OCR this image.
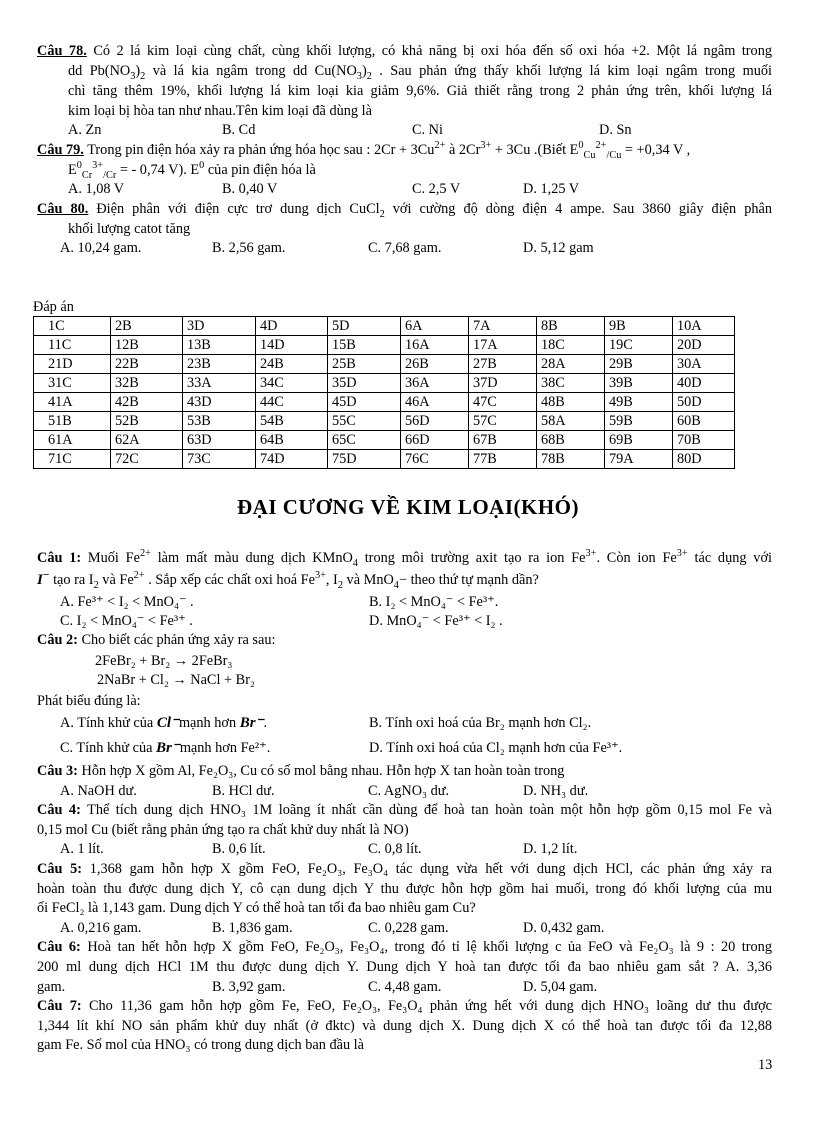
Câu 78. Có 2 lá kim loại cùng chất, cùng khối lượng, có khả năng bị oxi hóa đến số oxi hóa +2. Một lá ngâm trong
dd $Pb(NO_3)_2$ và lá kia ngâm trong dd $Cu(NO_3)_2$ . Sau phản ứng thấy khối lượng lá kim loại ngâm trong muối
chì tăng thêm 19%, khối lượng lá kim loại kia giảm 9,6%. Giả thiết rằng trong 2 phản ứng trên, khối lượng lá
kim loại bị hòa tan như nhau.Tên kim loại đã dùng là
A. Zn	B. Cd	C. Ni	D. Sn
Câu 79. Trong pin điện hóa xảy ra phản ứng hóa học sau : $2Cr + 3Cu^{2+}$ à $2Cr^{3+} + 3Cu$ .(Biết $E^0_{Cu}^{2+}_{/Cu} = +0,34$ V ,
$E^0_{Cr}^{3+}_{/Cr}$ = - 0,74 V). $E^0$ của pin điện hóa là
A. 1,08 V	B. 0,40 V	C. 2,5 V	D. 1,25 V
Câu 80. Điện phân với điện cực trơ dung dịch CuCl$_2$ với cường độ dòng điện 4 ampe. Sau 3860 giây điện phân
khối lượng catot tăng
A. 10,24 gam.	B. 2,56 gam.	C. 7,68 gam.	D. 5,12 gam
Đáp án
1C	2B	3D	4D	5D	6A	7A	8B	9B	10A
11C	12B	13B	14D	15B	16A	17A	18C	19C	20D
21D	22B	23B	24B	25B	26B	27B	28A	29B	30A
31C	32B	33A	34C	35D	36A	37D	38C	39B	40D
41A	42B	43D	44C	45D	46A	47C	48B	49B	50D
51B	52B	53B	54B	55C	56D	57C	58A	59B	60B
61A	62A	63D	64B	65C	66D	67B	68B	69B	70B
71C	72C	73C	74D	75D	76C	77B	78B	79A	80D
ĐẠI CƯƠNG VỀ KIM LOẠI(KHÓ)
Câu 1: Muối $Fe^{2+}$ làm mất màu dung dịch KMnO$_4$ trong môi trường axit tạo ra ion $Fe^{3+}$. Còn ion $Fe^{3+}$ tác dụng với
I− tạo ra $I_2$ và $Fe^{2+}$ . Sắp xếp các chất oxi hoá $Fe^{3+}$, $I_2$ và MnO$_4$− theo thứ tự mạnh dần?
A. Fe³⁺ < I₂ < MnO₄⁻ .	B. I₂ < MnO₄⁻ < Fe³⁺.
C. I₂ < MnO₄⁻ < Fe³⁺ .	D. MnO₄⁻ < Fe³⁺ < I₂ .
Câu 2: Cho biết các phản ứng xảy ra sau:
2FeBr₂ + Br₂ → 2FeBr₃
2NaBr + Cl₂ → NaCl + Br₂
Phát biểu đúng là:
A. Tính khử của Cl⁻mạnh hơn Br⁻.	B. Tính oxi hoá của Br₂ mạnh hơn Cl₂.
C. Tính khử của Br⁻mạnh hơn Fe²⁺.	D. Tính oxi hoá của Cl₂ mạnh hơn của Fe³⁺.
Câu 3: Hỗn hợp X gồm Al, Fe₂O₃, Cu có số mol bằng nhau. Hỗn hợp X tan hoàn toàn trong
A. NaOH dư.	B. HCl dư.	C. AgNO₃ dư.	D. NH₃ dư.
Câu 4: Thể tích dung dịch HNO₃ 1M loãng ít nhất cần dùng để hoà tan hoàn toàn một hỗn hợp gồm 0,15 mol Fe và
0,15 mol Cu (biết rằng phản ứng tạo ra chất khử duy nhất là NO)
A. 1 lít.	B. 0,6 lít.	C. 0,8 lít.	D. 1,2 lít.
Câu 5: 1,368 gam hỗn hợp X gồm FeO, Fe₂O₃, Fe₃O₄ tác dụng vừa hết với dung dịch HCl, các phản ứng xảy ra
hoàn toàn thu được dung dịch Y, cô cạn dung dịch Y thu được hỗn hợp gồm hai muối, trong đó khối lượng của mu
ối FeCl₂ là 1,143 gam. Dung dịch Y có thể hoà tan tối đa bao nhiêu gam Cu?
A. 0,216 gam.	B. 1,836 gam.	C. 0,228 gam.	D. 0,432 gam.
Câu 6: Hoà tan hết hỗn hợp X gồm FeO, Fe₂O₃, Fe₃O₄, trong đó tỉ lệ khối lượng c ủa FeO và Fe₂O₃ là 9 : 20 trong
200 ml dung dịch HCl 1M thu được dung dịch Y. Dung dịch Y hoà tan được tối đa bao nhiêu gam sắt ? A. 3,36
gam.	B. 3,92 gam.	C. 4,48 gam.	D. 5,04 gam.
Câu 7: Cho 11,36 gam hỗn hợp gồm Fe, FeO, Fe₂O₃, Fe₃O₄ phản ứng hết với dung dịch HNO₃ loãng dư thu được
1,344 lít khí NO sản phẩm khử duy nhất (ở đktc) và dung dịch X. Dung dịch X có thể hoà tan được tối đa 12,88
gam Fe. Số mol của HNO₃ có trong dung dịch ban đầu là
13
